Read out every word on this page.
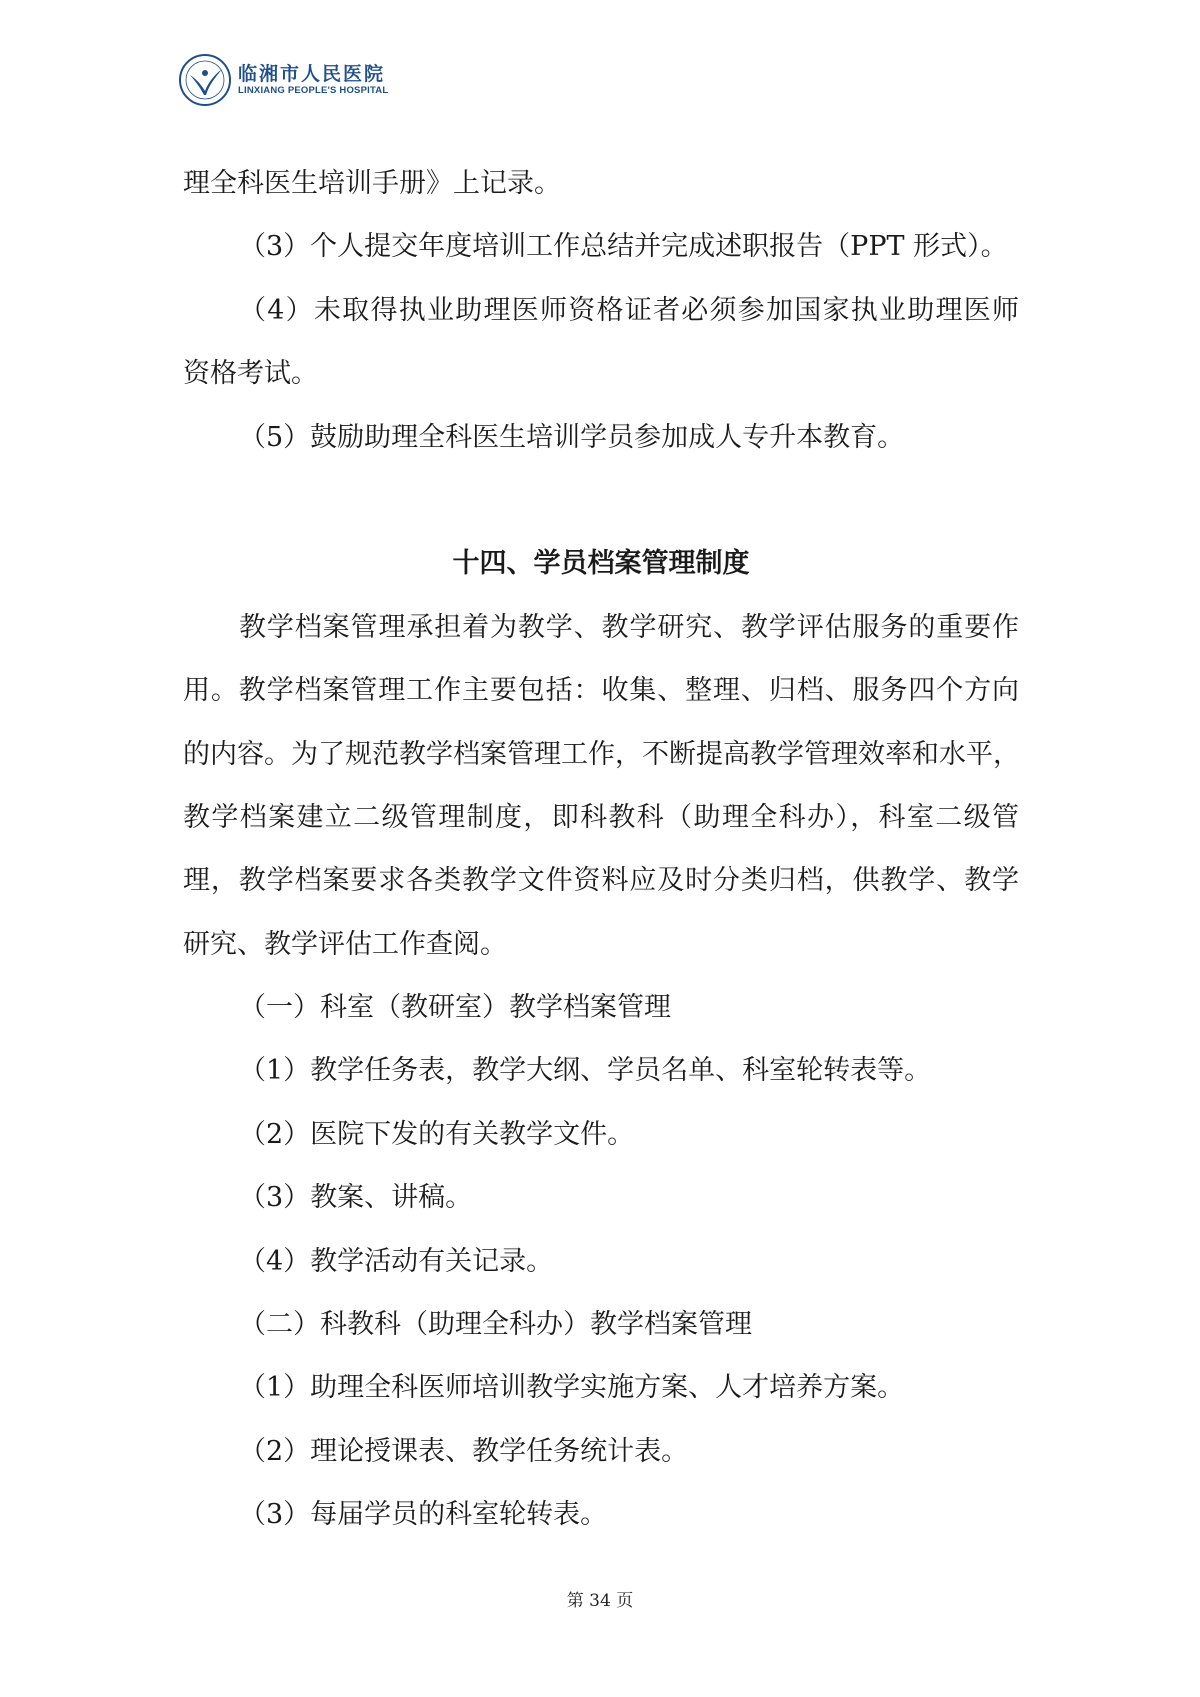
临湘市人民医院
LINXIANG PEOPLE'S HOSPITAL
理全科医生培训手册》上记录。
（3）个人提交年度培训工作总结并完成述职报告（PPT 形式）。
（4）未取得执业助理医师资格证者必须参加国家执业助理医师
资格考试。
（5）鼓励助理全科医生培训学员参加成人专升本教育。
十四、学员档案管理制度
教学档案管理承担着为教学、教学研究、教学评估服务的重要作
用。教学档案管理工作主要包括：收集、整理、归档、服务四个方向
的内容。为了规范教学档案管理工作，不断提高教学管理效率和水平，
教学档案建立二级管理制度，即科教科（助理全科办），科室二级管
理，教学档案要求各类教学文件资料应及时分类归档，供教学、教学
研究、教学评估工作查阅。
（一）科室（教研室）教学档案管理
（1）教学任务表，教学大纲、学员名单、科室轮转表等。
（2）医院下发的有关教学文件。
（3）教案、讲稿。
（4）教学活动有关记录。
（二）科教科（助理全科办）教学档案管理
（1）助理全科医师培训教学实施方案、人才培养方案。
（2）理论授课表、教学任务统计表。
（3）每届学员的科室轮转表。
第 34 页
